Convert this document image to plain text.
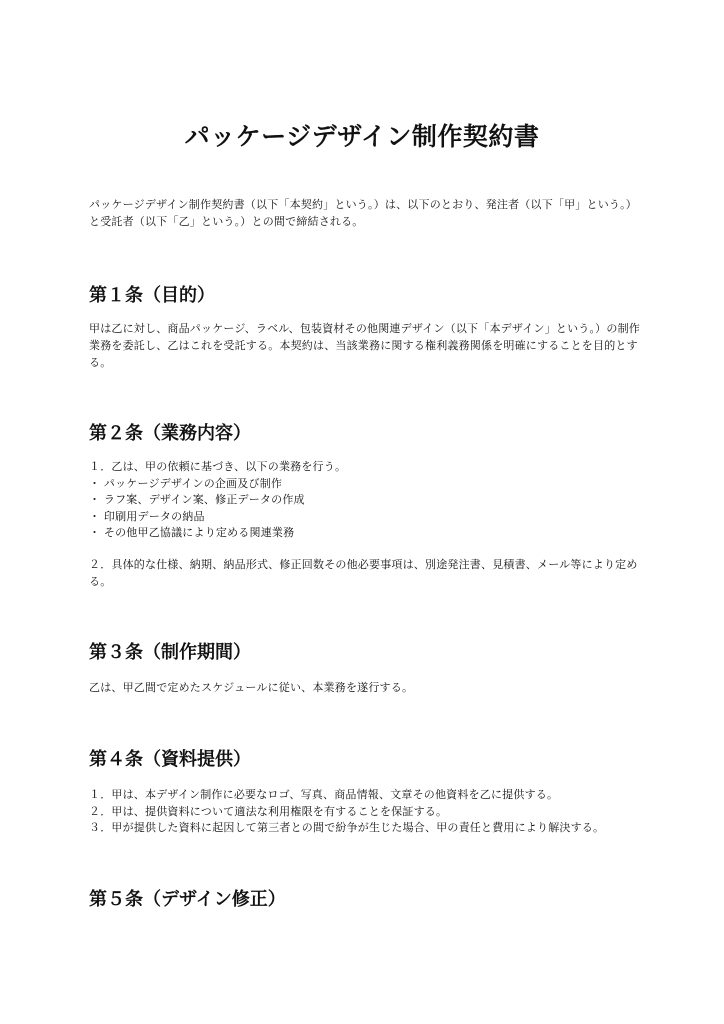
パッケージデザイン制作契約書

パッケージデザイン制作契約書（以下「本契約」という。）は、以下のとおり、発注者（以下「甲」という。）と受託者（以下「乙」という。）との間で締結される。

第１条（目的）

甲は乙に対し、商品パッケージ、ラベル、包装資材その他関連デザイン（以下「本デザイン」という。）の制作業務を委託し、乙はこれを受託する。本契約は、当該業務に関する権利義務関係を明確にすることを目的とする。

第２条（業務内容）
１．乙は、甲の依頼に基づき、以下の業務を行う。
・ パッケージデザインの企画及び制作
・ ラフ案、デザイン案、修正データの作成
・ 印刷用データの納品
・ その他甲乙協議により定める関連業務

２．具体的な仕様、納期、納品形式、修正回数その他必要事項は、別途発注書、見積書、メール等により定める。

第３条（制作期間）

乙は、甲乙間で定めたスケジュールに従い、本業務を遂行する。

第４条（資料提供）
１．甲は、本デザイン制作に必要なロゴ、写真、商品情報、文章その他資料を乙に提供する。
２．甲は、提供資料について適法な利用権限を有することを保証する。
３．甲が提供した資料に起因して第三者との間で紛争が生じた場合、甲の責任と費用により解決する。
第５条（デザイン修正）
